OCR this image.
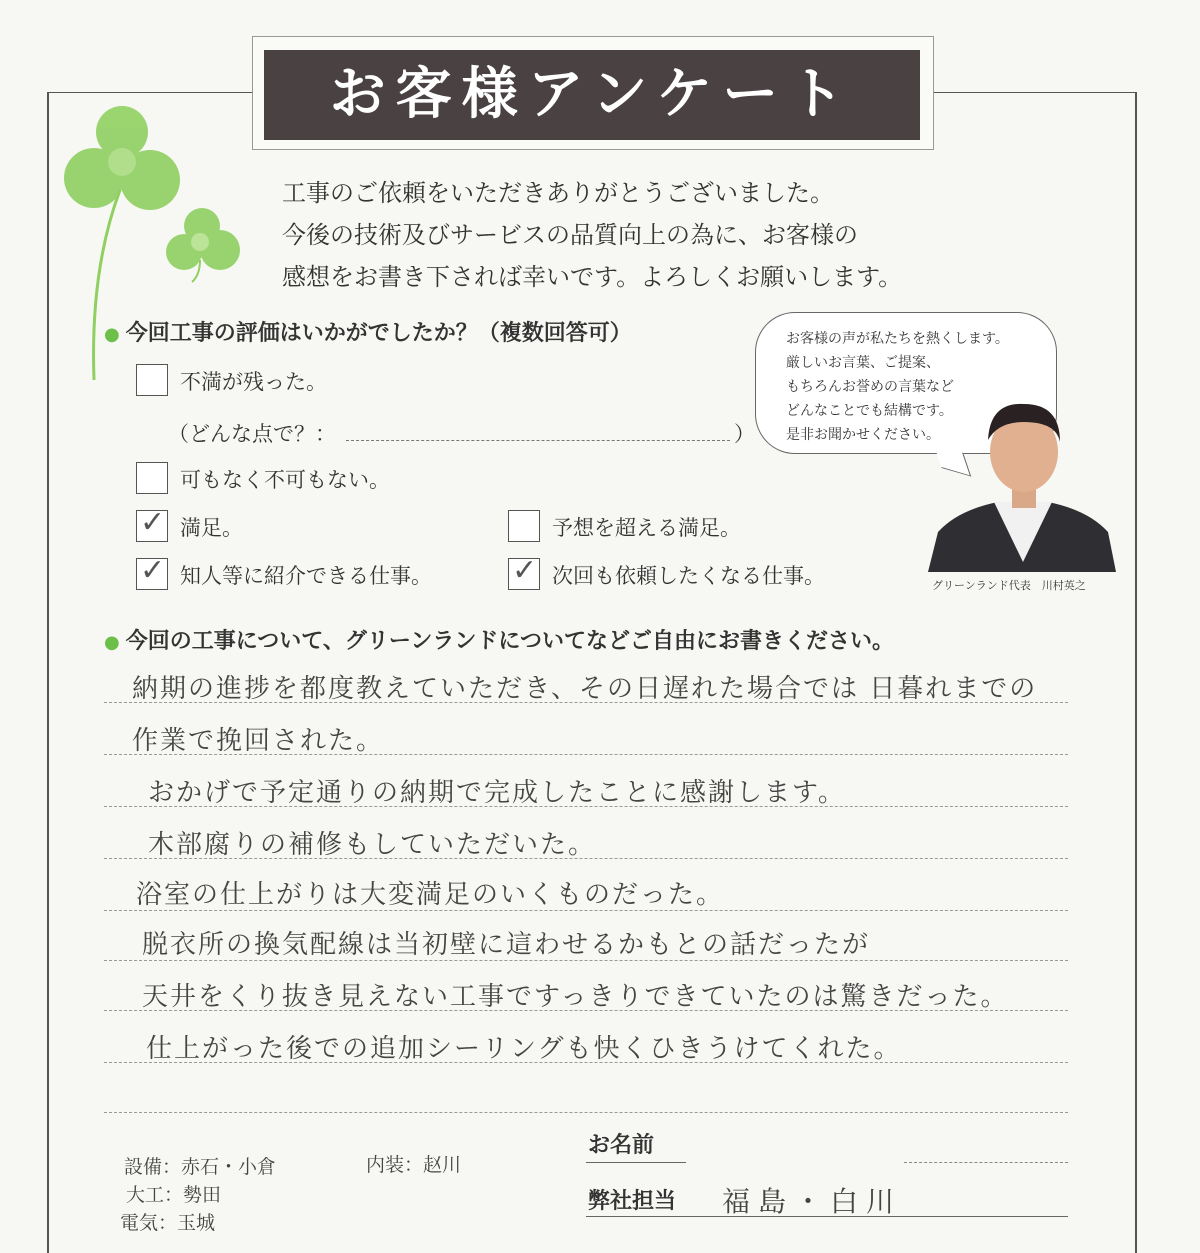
お客様アンケート
工事のご依頼をいただきありがとうございました。
今後の技術及びサービスの品質向上の為に、お客様の
感想をお書き下されば幸いです。よろしくお願いします。
● 今回工事の評価はいかがでしたか？（複数回答可）
不満が残った。
（どんな点で？：	）
可もなく不可もない。
✓ 満足。	予想を超える満足。
✓ 知人等に紹介できる仕事。	✓ 次回も依頼したくなる仕事。
お客様の声が私たちを熱くします。
厳しいお言葉、ご提案、
もちろんお誉めの言葉など
どんなことでも結構です。
是非お聞かせください。
グリーンランド代表　川村英之
● 今回の工事について、グリーンランドについてなどご自由にお書きください。
納期の進捗を都度教えていただき、その日遅れた場合では 日暮れまでの
作業で挽回された。
おかげで予定通りの納期で完成したことに感謝します。
木部腐りの補修もしていただいた。
浴室の仕上がりは大変満足のいくものだった。
脱衣所の換気配線は当初壁に這わせるかもとの話だったが
天井をくり抜き見えない工事ですっきりできていたのは驚きだった。
仕上がった後での追加シーリングも快くひきうけてくれた。
設備：赤石・小倉	内装：赵川
大工：勢田
電気：玉城
お名前
弊社担当 福島・白川
